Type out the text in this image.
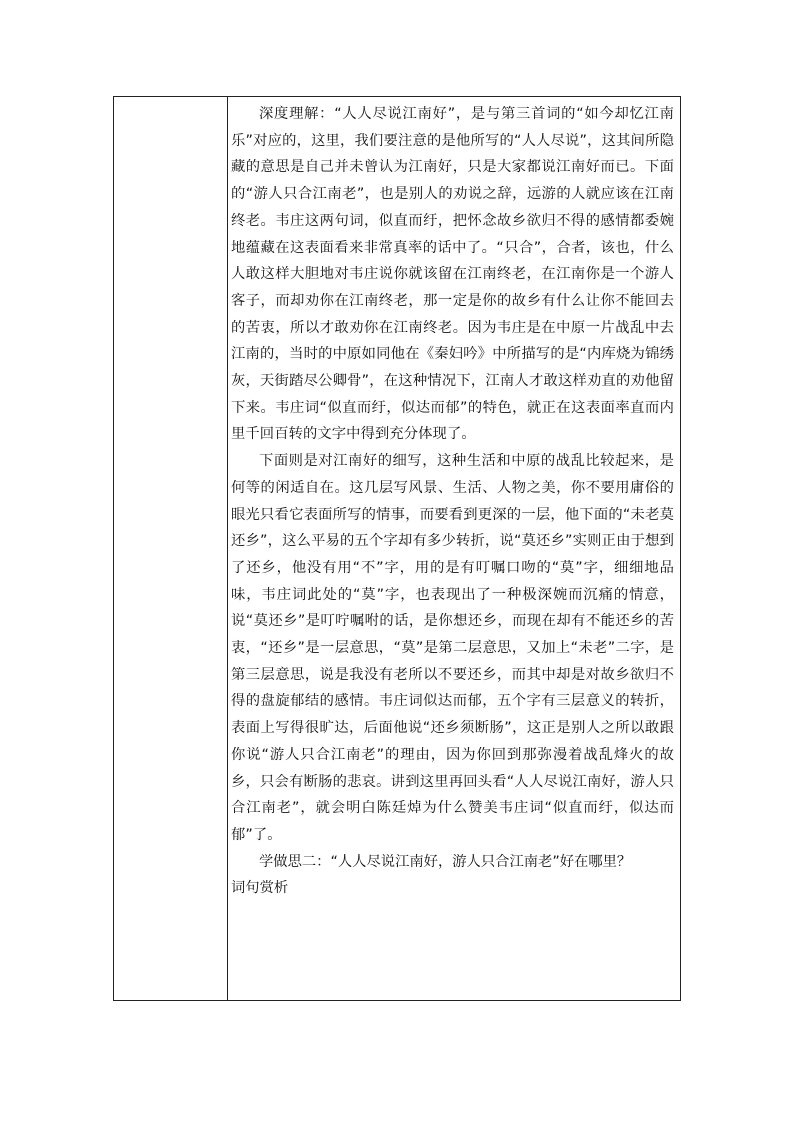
深度理解：“人人尽说江南好”，是与第三首词的“如今却忆江南乐”对应的，这里，我们要注意的是他所写的“人人尽说”，这其间所隐藏的意思是自己并未曾认为江南好，只是大家都说江南好而已。下面的“游人只合江南老”，也是别人的劝说之辞，远游的人就应该在江南终老。韦庄这两句词，似直而纡，把怀念故乡欲归不得的感情都委婉地蕴藏在这表面看来非常真率的话中了。“只合”，合者，该也，什么人敢这样大胆地对韦庄说你就该留在江南终老，在江南你是一个游人客子，而却劝你在江南终老，那一定是你的故乡有什么让你不能回去的苦衷，所以才敢劝你在江南终老。因为韦庄是在中原一片战乱中去江南的，当时的中原如同他在《秦妇吟》中所描写的是“内库烧为锦绣灰，天街踏尽公卿骨”，在这种情况下，江南人才敢这样劝直的劝他留下来。韦庄词“似直而纡，似达而郁”的特色，就正在这表面率直而内里千回百转的文字中得到充分体现了。

下面则是对江南好的细写，这种生活和中原的战乱比较起来，是何等的闲适自在。这几层写风景、生活、人物之美，你不要用庸俗的眼光只看它表面所写的情事，而要看到更深的一层，他下面的“未老莫还乡”，这么平易的五个字却有多少转折，说“莫还乡”实则正由于想到了还乡，他没有用“不”字，用的是有叮嘱口吻的“莫”字，细细地品味，韦庄词此处的“莫”字，也表现出了一种极深婉而沉痛的情意，说“莫还乡”是叮咛嘱咐的话，是你想还乡，而现在却有不能还乡的苦衷，“还乡”是一层意思，“莫”是第二层意思，又加上“未老”二字，是第三层意思，说是我没有老所以不要还乡，而其中却是对故乡欲归不得的盘旋郁结的感情。韦庄词似达而郁，五个字有三层意义的转折，表面上写得很旷达，后面他说“还乡须断肠”，这正是别人之所以敢跟你说“游人只合江南老”的理由，因为你回到那弥漫着战乱烽火的故乡，只会有断肠的悲哀。讲到这里再回头看“人人尽说江南好，游人只合江南老”，就会明白陈廷焯为什么赞美韦庄词“似直而纡，似达而郁”了。

学做思二：“人人尽说江南好，游人只合江南老”好在哪里？

词句赏析
